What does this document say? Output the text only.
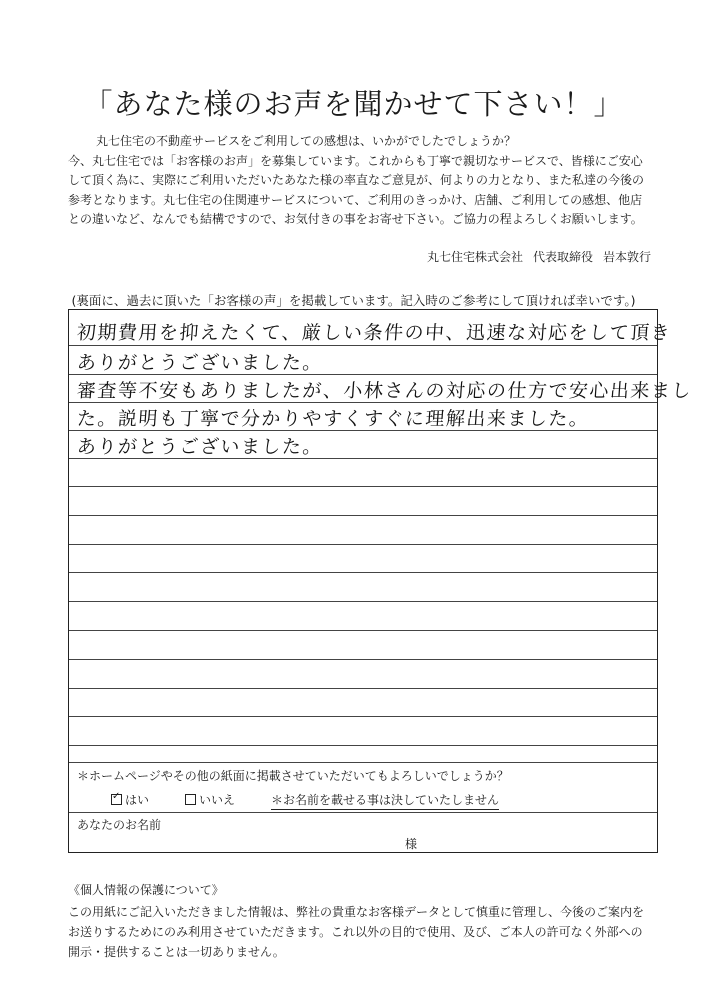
「あなた様のお声を聞かせて下さい！」
丸七住宅の不動産サービスをご利用しての感想は、いかがでしたでしょうか？
今、丸七住宅では「お客様のお声」を募集しています。これからも丁寧で親切なサービスで、皆様にご安心
して頂く為に、実際にご利用いただいたあなた様の率直なご意見が、何よりの力となり、また私達の今後の
参考となります。丸七住宅の住関連サービスについて、ご利用のきっかけ、店舗、ご利用しての感想、他店
との違いなど、なんでも結構ですので、お気付きの事をお寄せ下さい。ご協力の程よろしくお願いします。
丸七住宅株式会社 代表取締役 岩本敦行
(裏面に、過去に頂いた「お客様の声」を掲載しています。記入時のご参考にして頂ければ幸いです。)
初期費用を抑えたくて、厳しい条件の中、迅速な対応をして頂き
ありがとうございました。
審査等不安もありましたが、小林さんの対応の仕方で安心出来まし
た。説明も丁寧で分かりやすくすぐに理解出来ました。
ありがとうございました。
＊ホームページやその他の紙面に掲載させていただいてもよろしいでしょうか？
✓はい	いいえ	＊お名前を載せる事は決していたしません
あなたのお名前
様
《個人情報の保護について》
この用紙にご記入いただきました情報は、弊社の貴重なお客様データとして慎重に管理し、今後のご案内を
お送りするためにのみ利用させていただきます。これ以外の目的で使用、及び、ご本人の許可なく外部への
開示・提供することは一切ありません。
